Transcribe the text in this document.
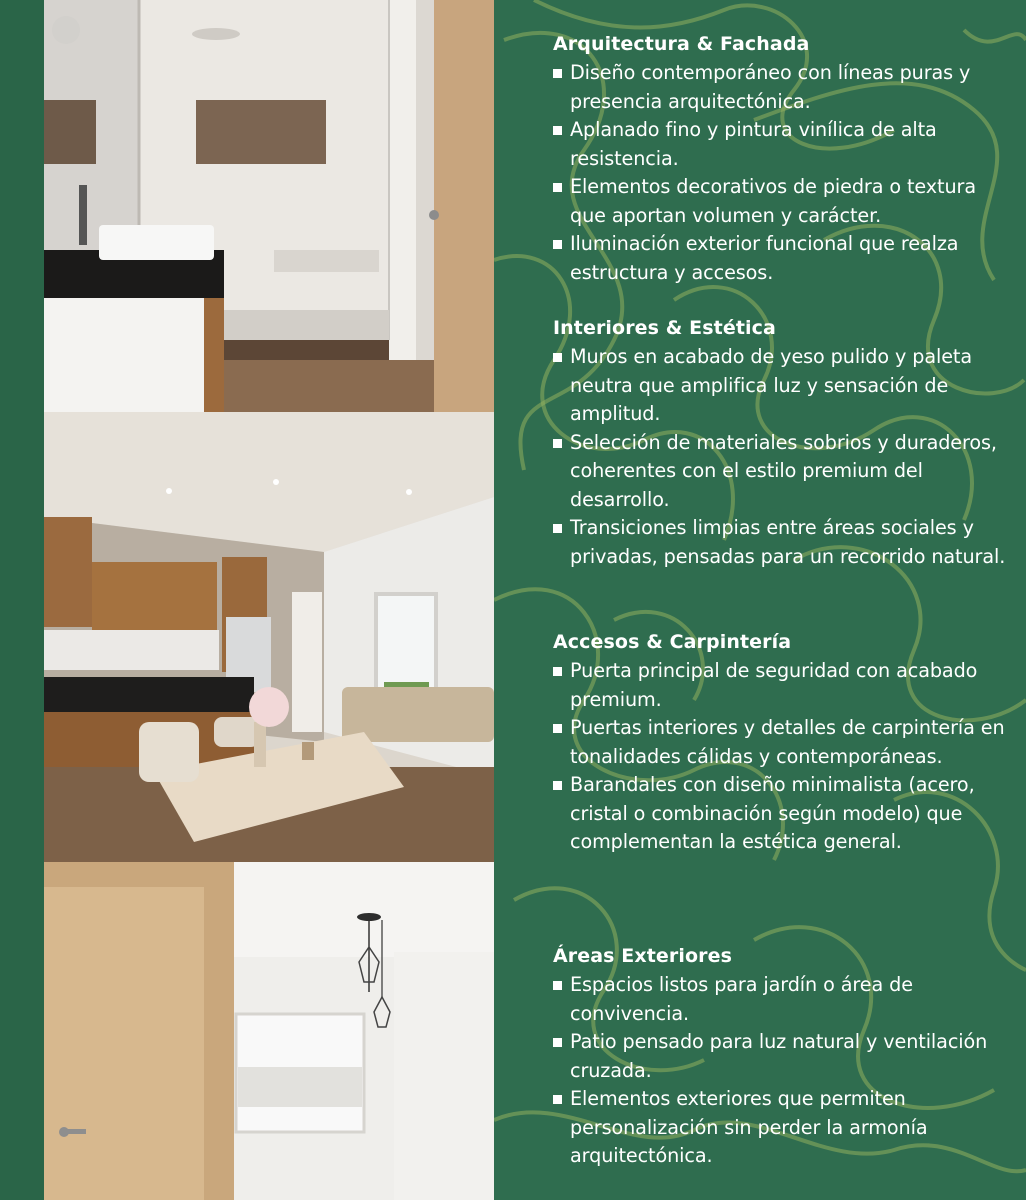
Arquitectura & Fachada
Diseño contemporáneo con líneas puras y presencia arquitectónica.
Aplanado fino y pintura vinílica de alta resistencia.
Elementos decorativos de piedra o textura que aportan volumen y carácter.
Iluminación exterior funcional que realza estructura y accesos.
Interiores & Estética
Muros en acabado de yeso pulido y paleta neutra que amplifica luz y sensación de amplitud.
Selección de materiales sobrios y duraderos, coherentes con el estilo premium del desarrollo.
Transiciones limpias entre áreas sociales y privadas, pensadas para un recorrido natural.
Accesos & Carpintería
Puerta principal de seguridad con acabado premium.
Puertas interiores y detalles de carpintería en tonalidades cálidas y contemporáneas.
Barandales con diseño minimalista (acero, cristal o combinación según modelo) que complementan la estética general.
Áreas Exteriores
Espacios listos para jardín o área de convivencia.
Patio pensado para luz natural y ventilación cruzada.
Elementos exteriores que permiten personalización sin perder la armonía arquitectónica.
